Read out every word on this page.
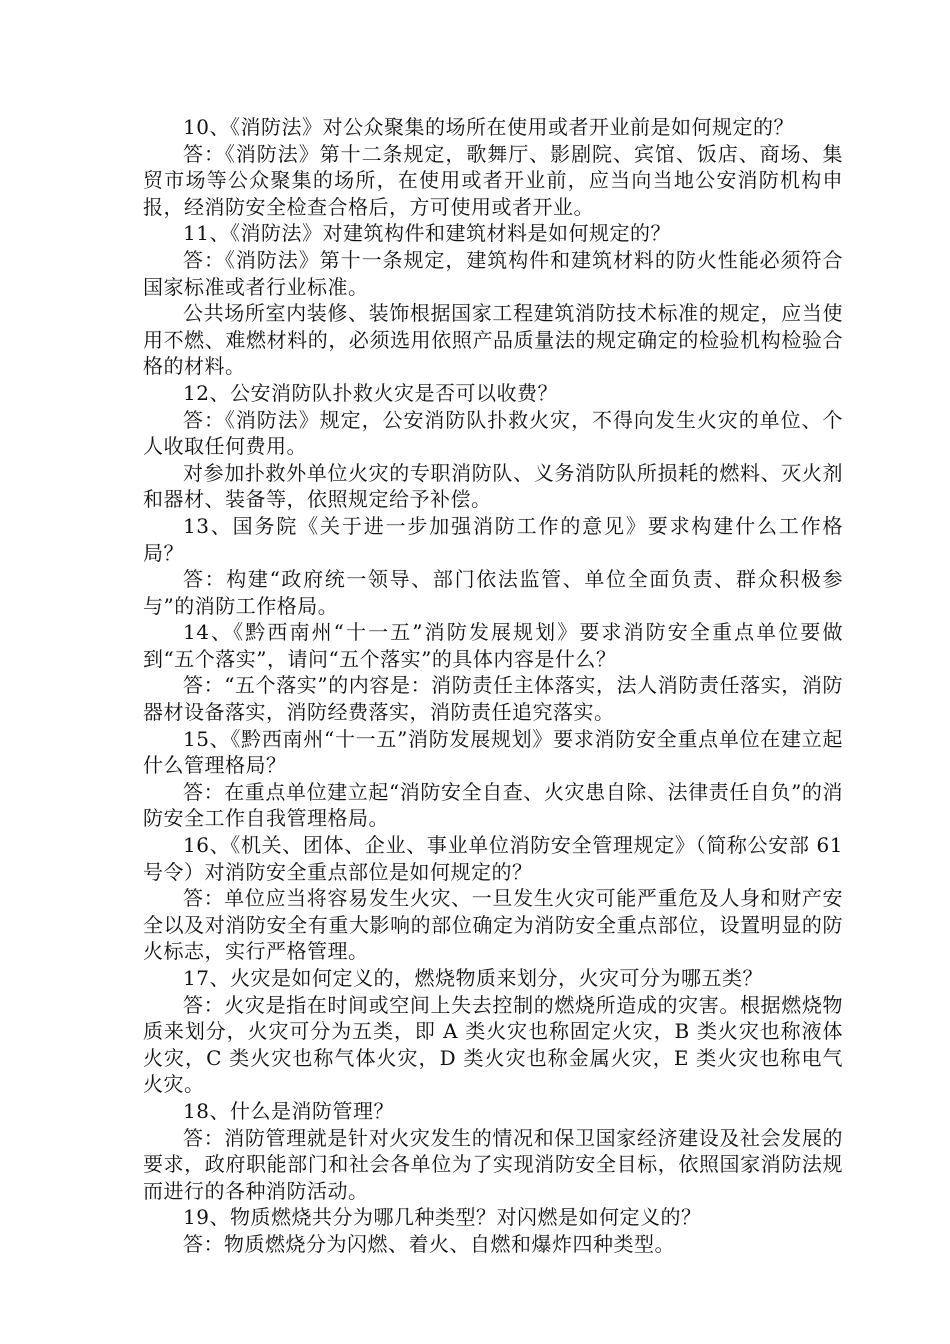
10、《消防法》对公众聚集的场所在使用或者开业前是如何规定的？

答：《消防法》第十二条规定，歌舞厅、影剧院、宾馆、饭店、商场、集贸市场等公众聚集的场所，在使用或者开业前，应当向当地公安消防机构申报，经消防安全检查合格后，方可使用或者开业。

11、《消防法》对建筑构件和建筑材料是如何规定的？

答：《消防法》第十一条规定，建筑构件和建筑材料的防火性能必须符合国家标准或者行业标准。

公共场所室内装修、装饰根据国家工程建筑消防技术标准的规定，应当使用不燃、难燃材料的，必须选用依照产品质量法的规定确定的检验机构检验合格的材料。

12、公安消防队扑救火灾是否可以收费？

答：《消防法》规定，公安消防队扑救火灾，不得向发生火灾的单位、个人收取任何费用。

对参加扑救外单位火灾的专职消防队、义务消防队所损耗的燃料、灭火剂和器材、装备等，依照规定给予补偿。

13、国务院《关于进一步加强消防工作的意见》要求构建什么工作格局？

答：构建“政府统一领导、部门依法监管、单位全面负责、群众积极参与”的消防工作格局。

14、《黔西南州“十一五”消防发展规划》要求消防安全重点单位要做到“五个落实”，请问“五个落实”的具体内容是什么？

答：“五个落实”的内容是：消防责任主体落实，法人消防责任落实，消防器材设备落实，消防经费落实，消防责任追究落实。

15、《黔西南州“十一五”消防发展规划》要求消防安全重点单位在建立起什么管理格局？

答：在重点单位建立起“消防安全自查、火灾患自除、法律责任自负”的消防安全工作自我管理格局。

16、《机关、团体、企业、事业单位消防安全管理规定》（简称公安部 61 号令）对消防安全重点部位是如何规定的？

答：单位应当将容易发生火灾、一旦发生火灾可能严重危及人身和财产安全以及对消防安全有重大影响的部位确定为消防安全重点部位，设置明显的防火标志，实行严格管理。

17、火灾是如何定义的，燃烧物质来划分，火灾可分为哪五类？

答：火灾是指在时间或空间上失去控制的燃烧所造成的灾害。根据燃烧物质来划分，火灾可分为五类，即 A 类火灾也称固定火灾，B 类火灾也称液体火灾，C 类火灾也称气体火灾，D 类火灾也称金属火灾，E 类火灾也称电气火灾。

18、什么是消防管理？

答：消防管理就是针对火灾发生的情况和保卫国家经济建设及社会发展的要求，政府职能部门和社会各单位为了实现消防安全目标，依照国家消防法规而进行的各种消防活动。

19、物质燃烧共分为哪几种类型？对闪燃是如何定义的？

答：物质燃烧分为闪燃、着火、自燃和爆炸四种类型。
